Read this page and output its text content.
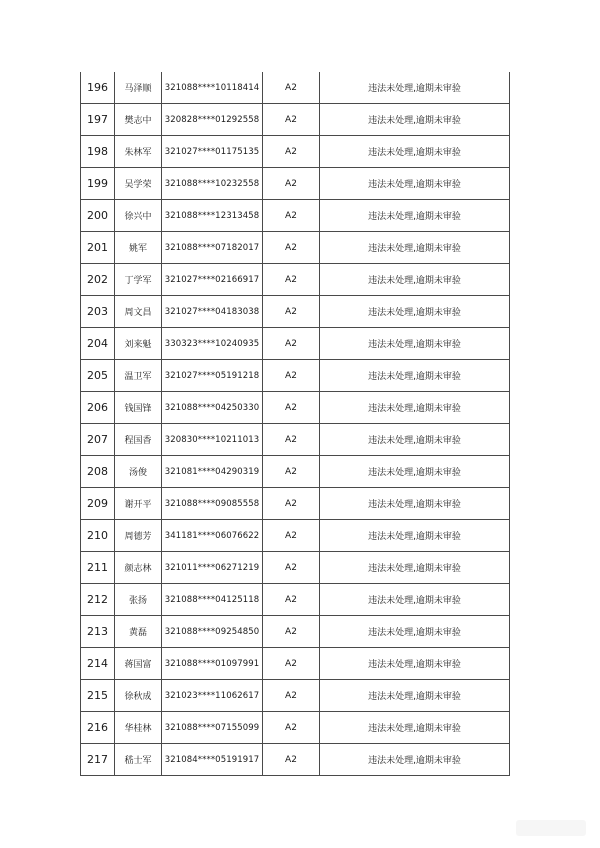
196	马泽顺	321088****10118414	A2	违法未处理,逾期未审验
197	樊志中	320828****01292558	A2	违法未处理,逾期未审验
198	朱林军	321027****01175135	A2	违法未处理,逾期未审验
199	吴学荣	321088****10232558	A2	违法未处理,逾期未审验
200	徐兴中	321088****12313458	A2	违法未处理,逾期未审验
201	姚军	321088****07182017	A2	违法未处理,逾期未审验
202	丁学军	321027****02166917	A2	违法未处理,逾期未审验
203	周文昌	321027****04183038	A2	违法未处理,逾期未审验
204	刘来魁	330323****10240935	A2	违法未处理,逾期未审验
205	温卫军	321027****05191218	A2	违法未处理,逾期未审验
206	钱国锋	321088****04250330	A2	违法未处理,逾期未审验
207	程国香	320830****10211013	A2	违法未处理,逾期未审验
208	汤俊	321081****04290319	A2	违法未处理,逾期未审验
209	谢开平	321088****09085558	A2	违法未处理,逾期未审验
210	周德芳	341181****06076622	A2	违法未处理,逾期未审验
211	颜志林	321011****06271219	A2	违法未处理,逾期未审验
212	张扬	321088****04125118	A2	违法未处理,逾期未审验
213	黄磊	321088****09254850	A2	违法未处理,逾期未审验
214	蒋国富	321088****01097991	A2	违法未处理,逾期未审验
215	徐秋成	321023****11062617	A2	违法未处理,逾期未审验
216	华桂林	321088****07155099	A2	违法未处理,逾期未审验
217	嵇士军	321084****05191917	A2	违法未处理,逾期未审验
